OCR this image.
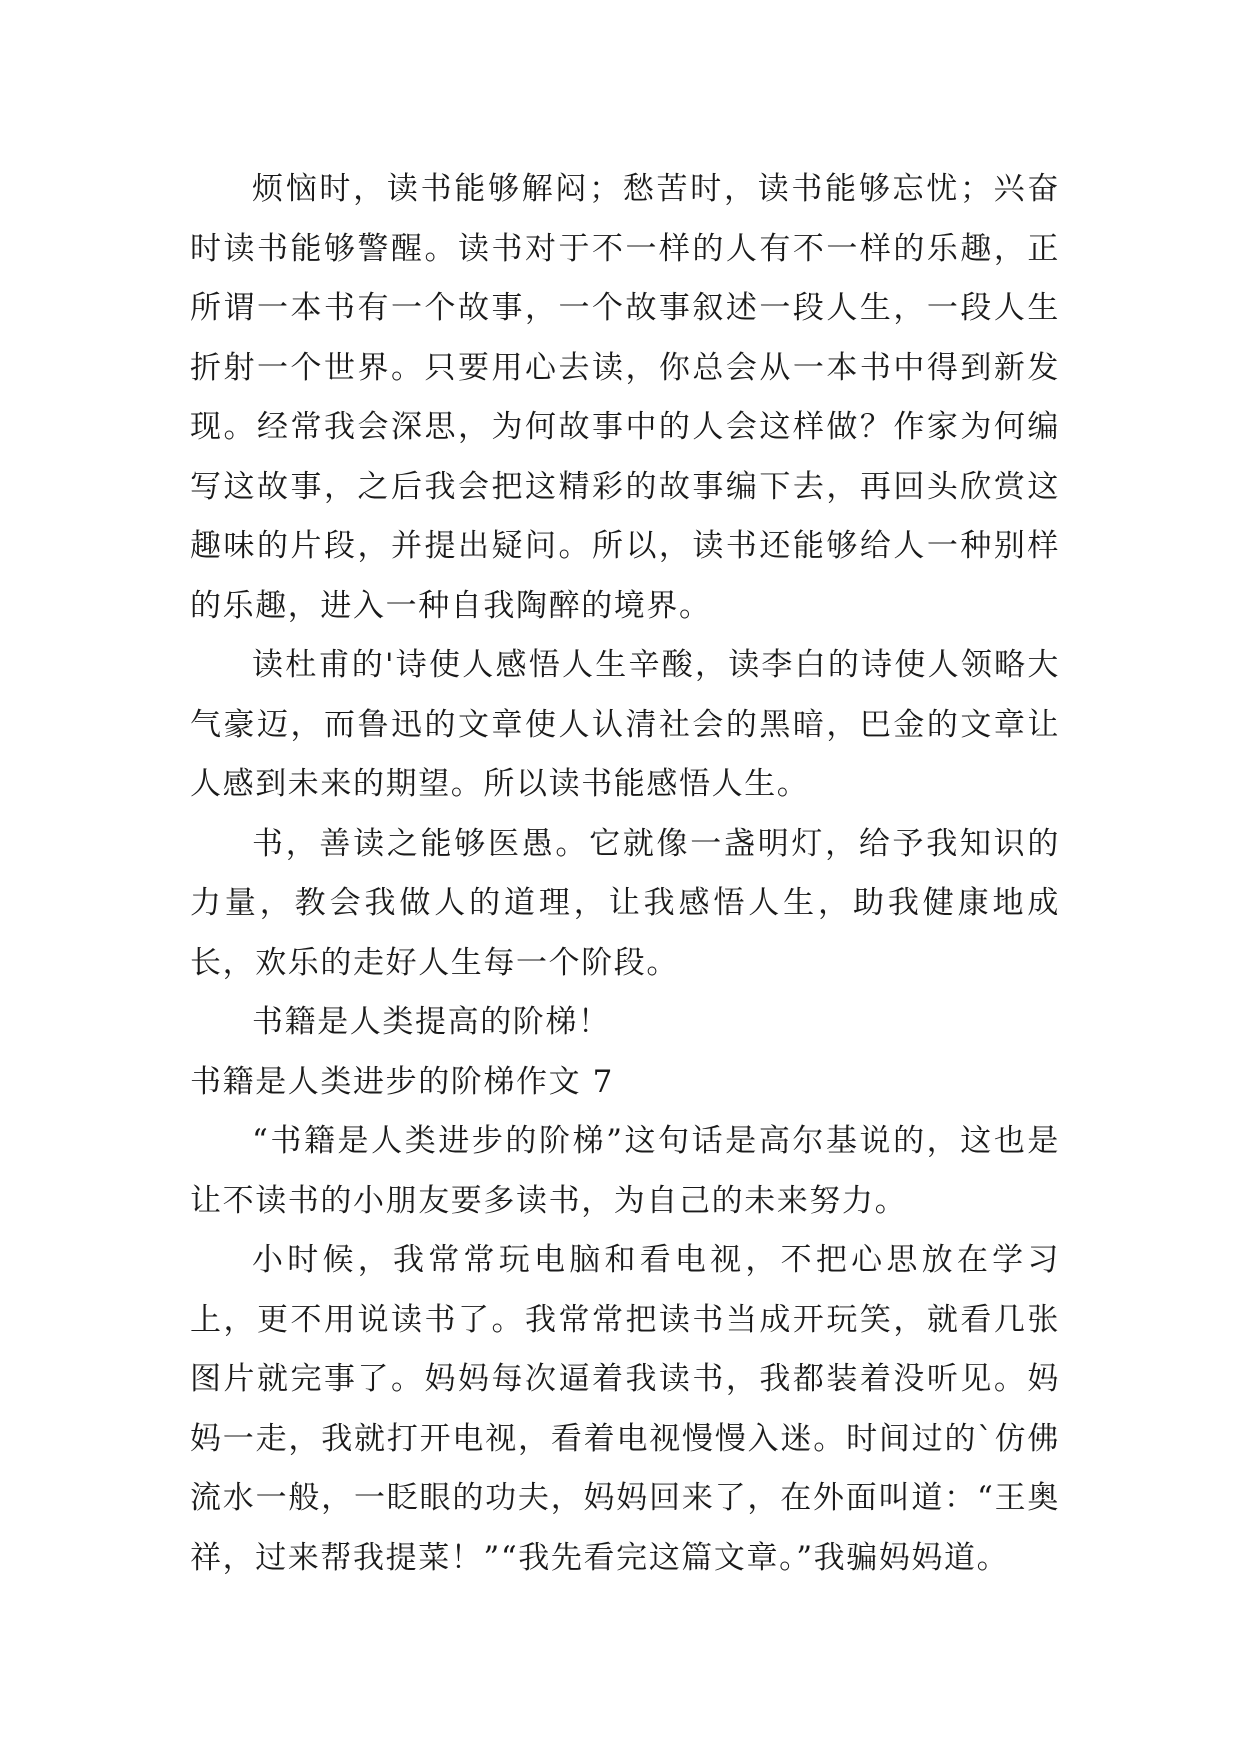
烦恼时，读书能够解闷；愁苦时，读书能够忘忧；兴奋时读书能够警醒。读书对于不一样的人有不一样的乐趣，正所谓一本书有一个故事，一个故事叙述一段人生，一段人生折射一个世界。只要用心去读，你总会从一本书中得到新发现。经常我会深思，为何故事中的人会这样做？作家为何编写这故事，之后我会把这精彩的故事编下去，再回头欣赏这趣味的片段，并提出疑问。所以，读书还能够给人一种别样的乐趣，进入一种自我陶醉的境界。

读杜甫的'诗使人感悟人生辛酸，读李白的诗使人领略大气豪迈，而鲁迅的文章使人认清社会的黑暗，巴金的文章让人感到未来的期望。所以读书能感悟人生。

书，善读之能够医愚。它就像一盏明灯，给予我知识的力量，教会我做人的道理，让我感悟人生，助我健康地成长，欢乐的走好人生每一个阶段。

书籍是人类提高的阶梯！

书籍是人类进步的阶梯作文 7

“书籍是人类进步的阶梯”这句话是高尔基说的，这也是让不读书的小朋友要多读书，为自己的未来努力。

小时候，我常常玩电脑和看电视，不把心思放在学习上，更不用说读书了。我常常把读书当成开玩笑，就看几张图片就完事了。妈妈每次逼着我读书，我都装着没听见。妈妈一走，我就打开电视，看着电视慢慢入迷。时间过的`仿佛流水一般，一眨眼的功夫，妈妈回来了，在外面叫道：“王奥祥，过来帮我提菜！”“我先看完这篇文章。”我骗妈妈道。
